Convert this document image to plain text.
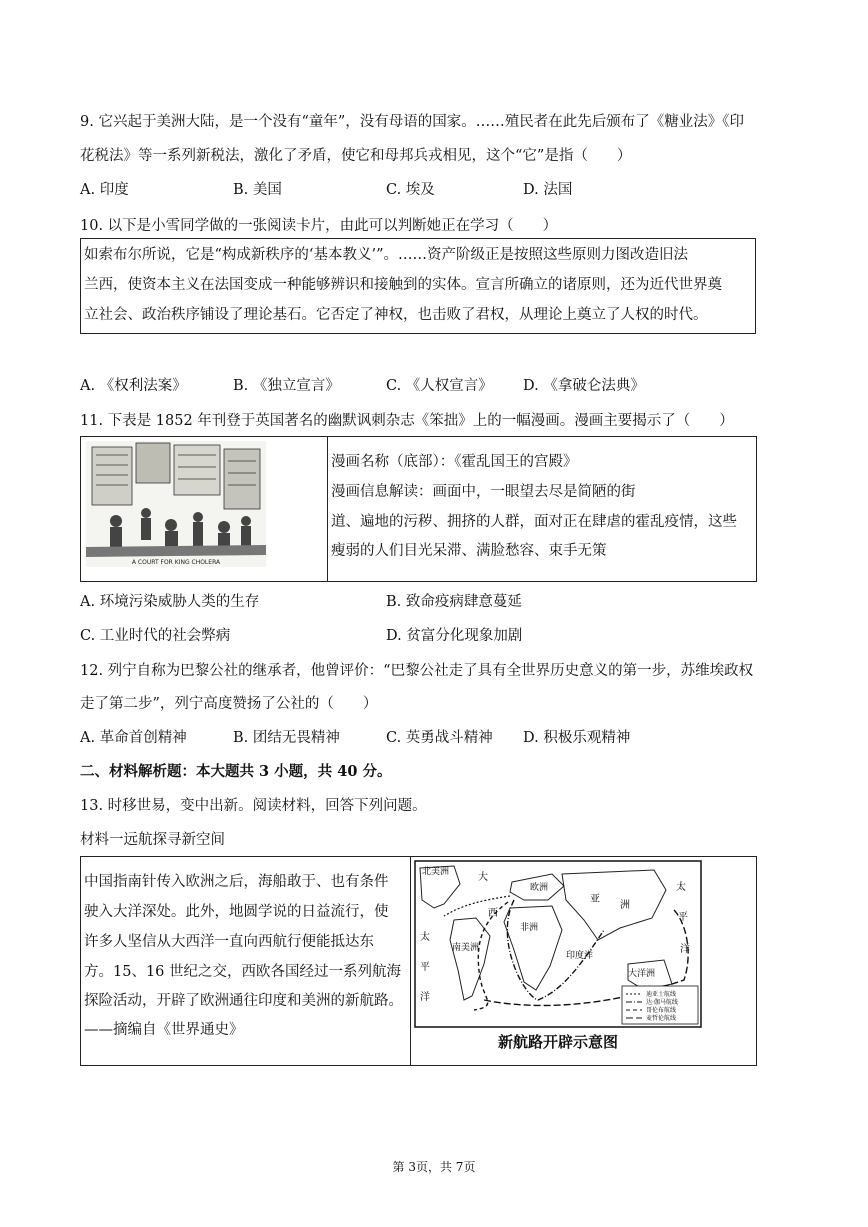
9. 它兴起于美洲大陆，是一个没有“童年”，没有母语的国家。……殖民者在此先后颁布了《糖业法》《印
花税法》等一系列新税法，激化了矛盾，使它和母邦兵戎相见，这个“它”是指（　　）
A. 印度	B. 美国	C. 埃及	D. 法国
10. 以下是小雪同学做的一张阅读卡片，由此可以判断她正在学习（　　）
如索布尔所说，它是“构成新秩序的‘基本教义’”。……资产阶级正是按照这些原则力图改造旧法
兰西，使资本主义在法国变成一种能够辨识和接触到的实体。宣言所确立的诸原则，还为近代世界奠
立社会、政治秩序铺设了理论基石。它否定了神权，也击败了君权，从理论上奠立了人权的时代。
A. 《权利法案》	B. 《独立宣言》	C. 《人权宣言》 D. 《拿破仑法典》
11. 下表是 1852 年刊登于英国著名的幽默讽刺杂志《笨拙》上的一幅漫画。漫画主要揭示了（　　）
A COURT FOR KING CHOLERA
漫画名称（底部）：《霍乱国王的宫殿》
漫画信息解读：画面中，一眼望去尽是简陋的街
道、遍地的污秽、拥挤的人群，面对正在肆虐的霍乱疫情，这些
瘦弱的人们目光呆滞、满脸愁容、束手无策
A. 环境污染威胁人类的生存	B. 致命疫病肆意蔓延
C. 工业时代的社会弊病	D. 贫富分化现象加剧
12. 列宁自称为巴黎公社的继承者，他曾评价：“巴黎公社走了具有全世界历史意义的第一步，苏维埃政权
走了第二步”，列宁高度赞扬了公社的（　　）
A. 革命首创精神	B. 团结无畏精神	C. 英勇战斗精神 D. 积极乐观精神
二、材料解析题：本大题共 3 小题，共 40 分。
13. 时移世易，变中出新。阅读材料，回答下列问题。
材料一远航探寻新空间
中国指南针传入欧洲之后，海船敢于、也有条件
驶入大洋深处。此外，地圆学说的日益流行，使
许多人坚信从大西洋一直向西航行便能抵达东
方。15、16 世纪之交，西欧各国经过一系列航海
探险活动，开辟了欧洲通往印度和美洲的新航路。
——摘编自《世界通史》
北美洲	大
欧洲
亚
洲
太
平
洋
西
非洲
南美洲
印度洋
大洋洲
太
平
洋	迪亚士航线
达·伽马航线
哥伦布航线
麦哲伦航线
新航路开辟示意图
第 3页，共 7页
